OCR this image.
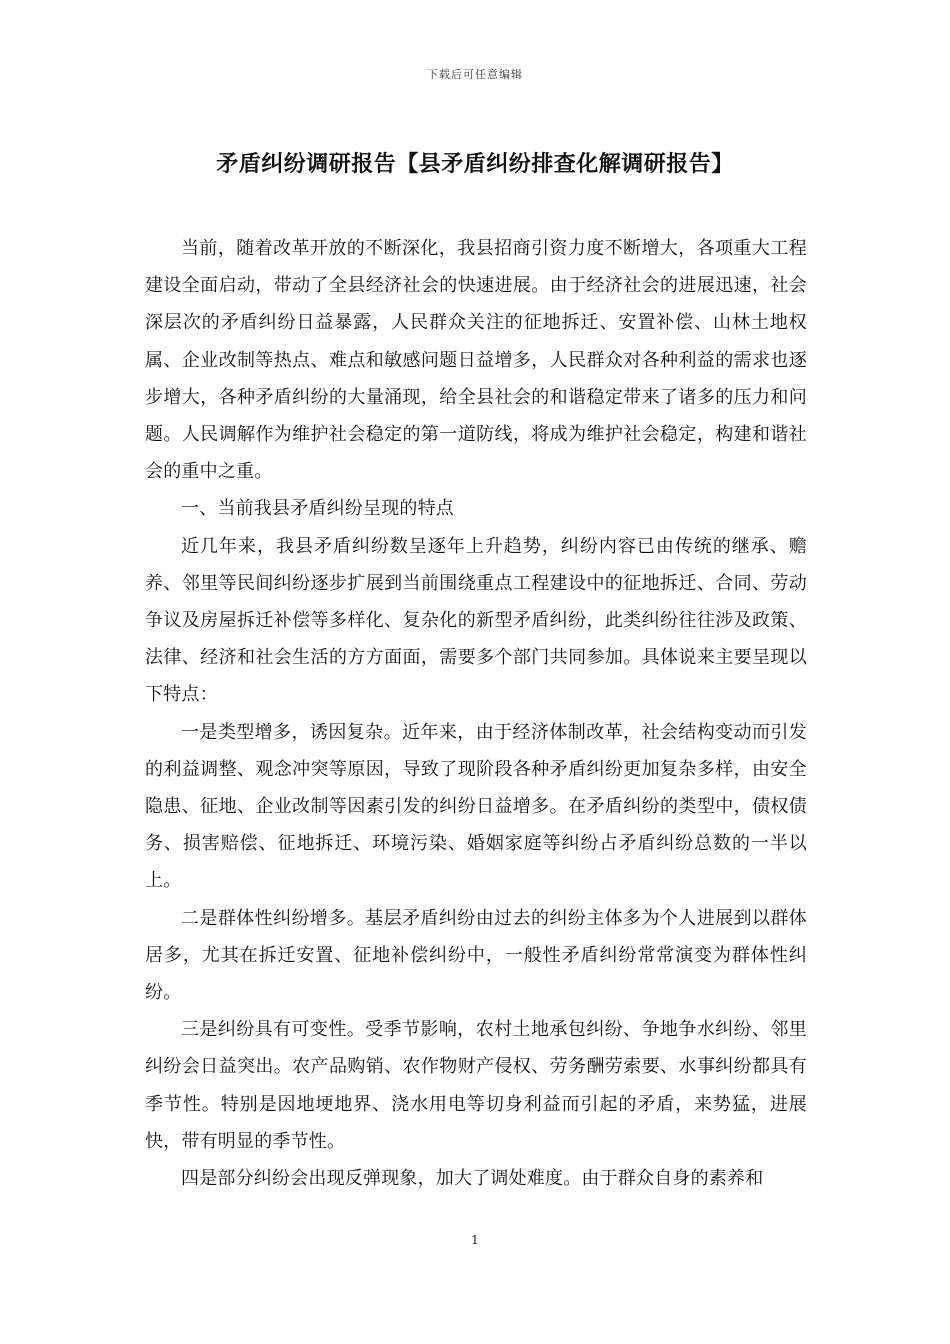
下载后可任意编辑
矛盾纠纷调研报告【县矛盾纠纷排查化解调研报告】

当前，随着改革开放的不断深化，我县招商引资力度不断增大，各项重大工程建设全面启动，带动了全县经济社会的快速进展。由于经济社会的进展迅速，社会深层次的矛盾纠纷日益暴露，人民群众关注的征地拆迁、安置补偿、山林土地权属、企业改制等热点、难点和敏感问题日益增多，人民群众对各种利益的需求也逐步增大，各种矛盾纠纷的大量涌现，给全县社会的和谐稳定带来了诸多的压力和问题。人民调解作为维护社会稳定的第一道防线，将成为维护社会稳定，构建和谐社会的重中之重。

一、当前我县矛盾纠纷呈现的特点

近几年来，我县矛盾纠纷数呈逐年上升趋势，纠纷内容已由传统的继承、赡养、邻里等民间纠纷逐步扩展到当前围绕重点工程建设中的征地拆迁、合同、劳动争议及房屋拆迁补偿等多样化、复杂化的新型矛盾纠纷，此类纠纷往往涉及政策、法律、经济和社会生活的方方面面，需要多个部门共同参加。具体说来主要呈现以下特点：

一是类型增多，诱因复杂。近年来，由于经济体制改革，社会结构变动而引发的利益调整、观念冲突等原因，导致了现阶段各种矛盾纠纷更加复杂多样，由安全隐患、征地、企业改制等因素引发的纠纷日益增多。在矛盾纠纷的类型中，债权债务、损害赔偿、征地拆迁、环境污染、婚姻家庭等纠纷占矛盾纠纷总数的一半以上。

二是群体性纠纷增多。基层矛盾纠纷由过去的纠纷主体多为个人进展到以群体居多，尤其在拆迁安置、征地补偿纠纷中，一般性矛盾纠纷常常演变为群体性纠纷。

三是纠纷具有可变性。受季节影响，农村土地承包纠纷、争地争水纠纷、邻里纠纷会日益突出。农产品购销、农作物财产侵权、劳务酬劳索要、水事纠纷都具有季节性。特别是因地埂地界、浇水用电等切身利益而引起的矛盾，来势猛，进展快，带有明显的季节性。

四是部分纠纷会出现反弹现象，加大了调处难度。由于群众自身的素养和

1
